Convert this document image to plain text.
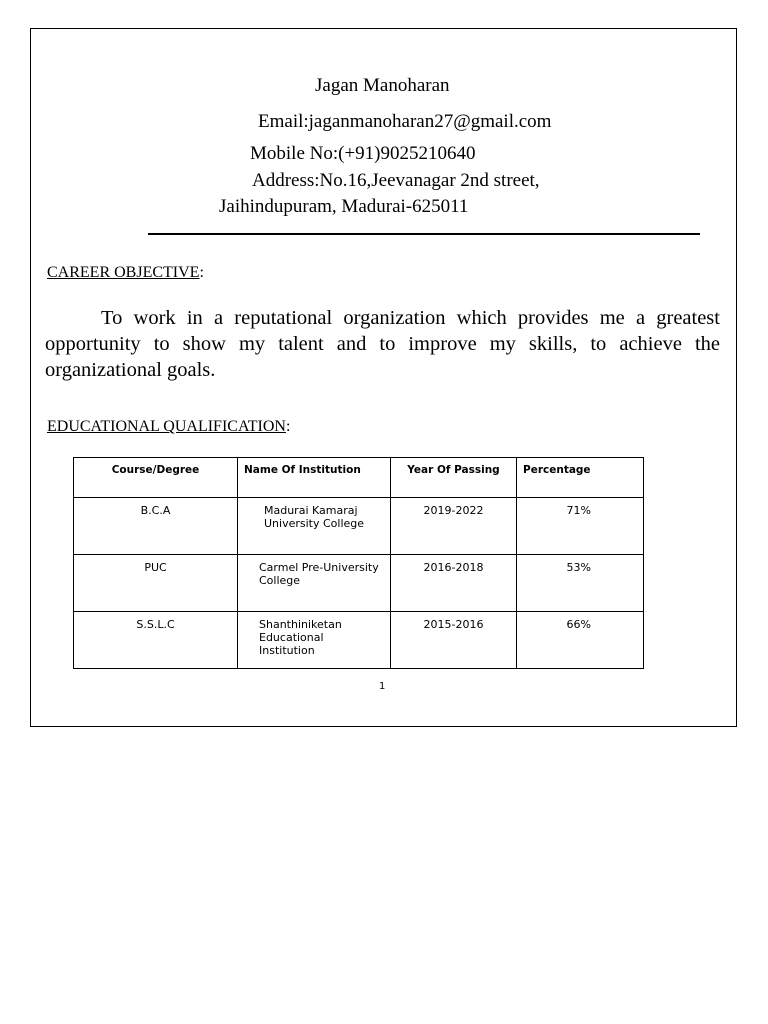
Jagan Manoharan
Email:jaganmanoharan27@gmail.com
Mobile No:(+91)9025210640
Address:No.16,Jeevanagar 2nd street,
Jaihindupuram, Madurai-625011
CAREER OBJECTIVE:
To work in a reputational organization which provides me a greatest opportunity to show my talent and to improve my skills, to achieve the organizational goals.
EDUCATIONAL QUALIFICATION:
Course/Degree	Name Of Institution	Year Of Passing	Percentage

B.C.A	Madurai Kamaraj University College	2019-2022	71%

PUC	Carmel Pre-University College	2016-2018	53%

S.S.L.C	Shanthiniketan Educational Institution	2015-2016	66%
1
